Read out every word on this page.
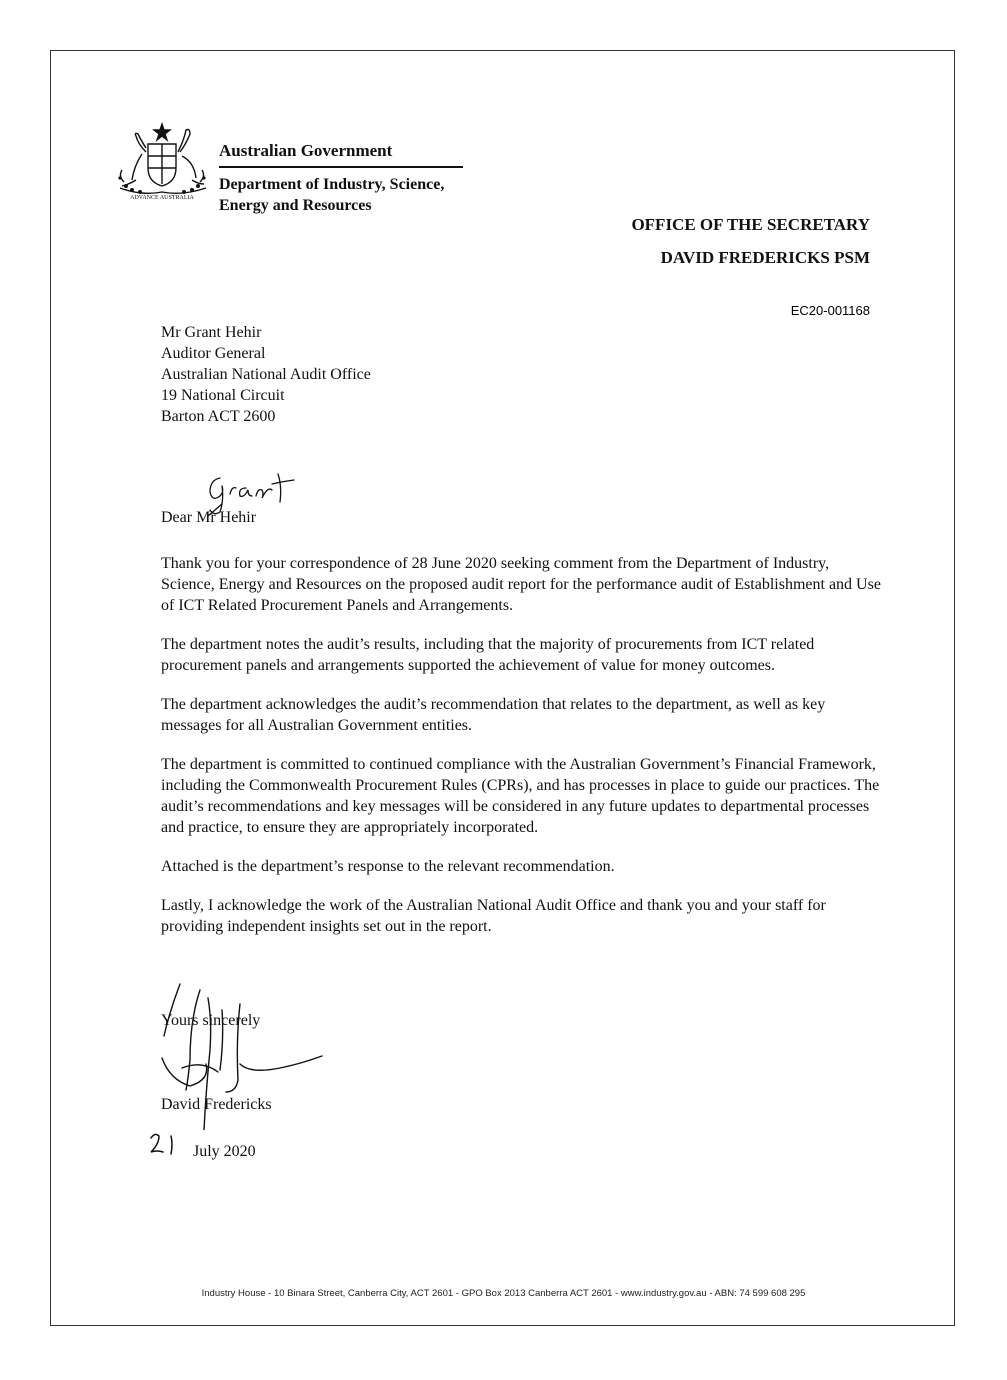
ADVANCE AUSTRALIA
Australian Government
Department of Industry, Science,
Energy and Resources
OFFICE OF THE SECRETARY
DAVID FREDERICKS PSM
EC20-001168
Mr Grant Hehir
Auditor General
Australian National Audit Office
19 National Circuit
Barton ACT 2600
Dear Mr Hehir

Thank you for your correspondence of 28 June 2020 seeking comment from the Department of Industry, Science, Energy and Resources on the proposed audit report for the performance audit of Establishment and Use of ICT Related Procurement Panels and Arrangements.

The department notes the audit’s results, including that the majority of procurements from ICT related procurement panels and arrangements supported the achievement of value for money outcomes.

The department acknowledges the audit’s recommendation that relates to the department, as well as key messages for all Australian Government entities.

The department is committed to continued compliance with the Australian Government’s Financial Framework, including the Commonwealth Procurement Rules (CPRs), and has processes in place to guide our practices. The audit’s recommendations and key messages will be considered in any future updates to departmental processes and practice, to ensure they are appropriately incorporated.

Attached is the department’s response to the relevant recommendation.

Lastly, I acknowledge the work of the Australian National Audit Office and thank you and your staff for providing independent insights set out in the report.

Yours sincerely
David Fredericks
July 2020
Industry House - 10 Binara Street, Canberra City, ACT 2601 - GPO Box 2013 Canberra ACT 2601 - www.industry.gov.au - ABN: 74 599 608 295
